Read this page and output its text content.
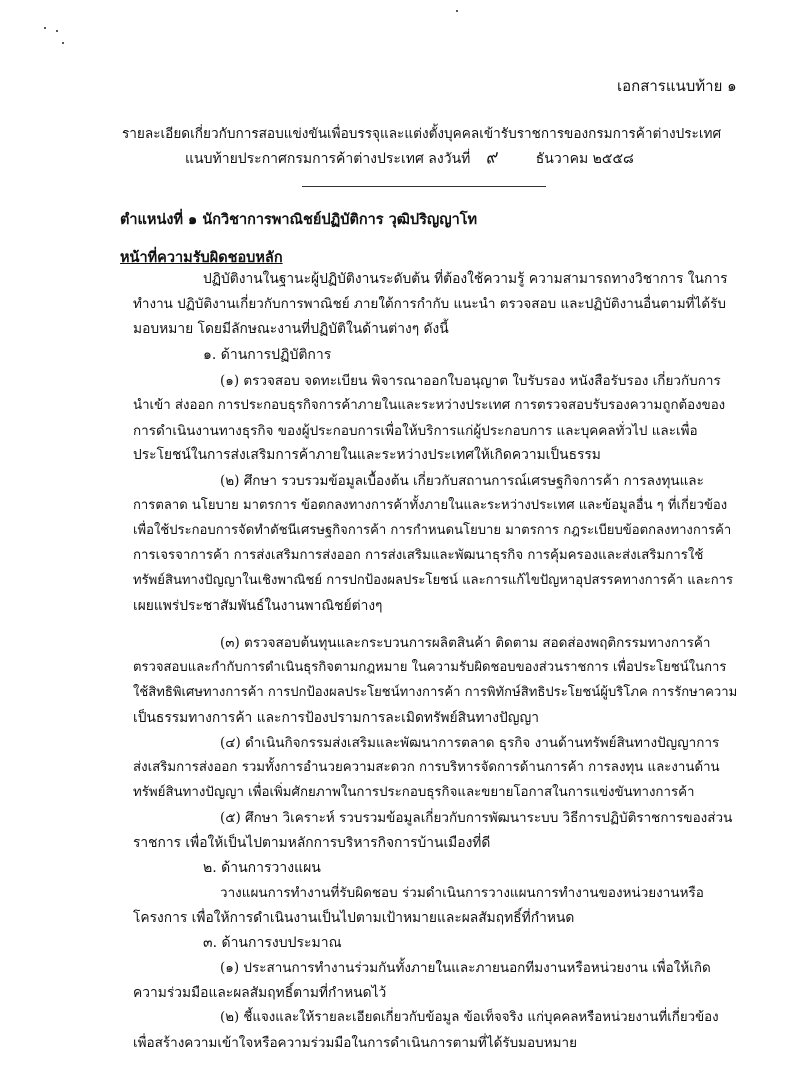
เอกสารแนบท้าย ๑
รายละเอียดเกี่ยวกับการสอบแข่งขันเพื่อบรรจุและแต่งตั้งบุคคลเข้ารับราชการของกรมการค้าต่างประเทศ
แนบท้ายประกาศกรมการค้าต่างประเทศ ลงวันที่ ๙	ธันวาคม ๒๕๕๘
ตำแหน่งที่ ๑ นักวิชาการพาณิชย์ปฏิบัติการ วุฒิปริญญาโท
หน้าที่ความรับผิดชอบหลัก
ปฏิบัติงานในฐานะผู้ปฏิบัติงานระดับต้น ที่ต้องใช้ความรู้ ความสามารถทางวิชาการ ในการ
ทำงาน ปฏิบัติงานเกี่ยวกับการพาณิชย์ ภายใต้การกำกับ แนะนำ ตรวจสอบ และปฏิบัติงานอื่นตามที่ได้รับ
มอบหมาย โดยมีลักษณะงานที่ปฏิบัติในด้านต่างๆ ดังนี้
๑. ด้านการปฏิบัติการ
(๑) ตรวจสอบ จดทะเบียน พิจารณาออกใบอนุญาต ใบรับรอง หนังสือรับรอง เกี่ยวกับการ
นำเข้า ส่งออก การประกอบธุรกิจการค้าภายในและระหว่างประเทศ การตรวจสอบรับรองความถูกต้องของ
การดำเนินงานทางธุรกิจ ของผู้ประกอบการเพื่อให้บริการแก่ผู้ประกอบการ และบุคคลทั่วไป และเพื่อ
ประโยชน์ในการส่งเสริมการค้าภายในและระหว่างประเทศให้เกิดความเป็นธรรม
(๒) ศึกษา รวบรวมข้อมูลเบื้องต้น เกี่ยวกับสถานการณ์เศรษฐกิจการค้า การลงทุนและ
การตลาด นโยบาย มาตรการ ข้อตกลงทางการค้าทั้งภายในและระหว่างประเทศ และข้อมูลอื่น ๆ ที่เกี่ยวข้อง
เพื่อใช้ประกอบการจัดทำดัชนีเศรษฐกิจการค้า การกำหนดนโยบาย มาตรการ กฎระเบียบข้อตกลงทางการค้า
การเจรจาการค้า การส่งเสริมการส่งออก การส่งเสริมและพัฒนาธุรกิจ การคุ้มครองและส่งเสริมการใช้
ทรัพย์สินทางปัญญาในเชิงพาณิชย์ การปกป้องผลประโยชน์ และการแก้ไขปัญหาอุปสรรคทางการค้า และการ
เผยแพร่ประชาสัมพันธ์ในงานพาณิชย์ต่างๆ
(๓) ตรวจสอบต้นทุนและกระบวนการผลิตสินค้า ติดตาม สอดส่องพฤติกรรมทางการค้า
ตรวจสอบและกำกับการดำเนินธุรกิจตามกฎหมาย ในความรับผิดชอบของส่วนราชการ เพื่อประโยชน์ในการ
ใช้สิทธิพิเศษทางการค้า การปกป้องผลประโยชน์ทางการค้า การพิทักษ์สิทธิประโยชน์ผู้บริโภค การรักษาความ
เป็นธรรมทางการค้า และการป้องปรามการละเมิดทรัพย์สินทางปัญญา
(๔) ดำเนินกิจกรรมส่งเสริมและพัฒนาการตลาด ธุรกิจ งานด้านทรัพย์สินทางปัญญาการ
ส่งเสริมการส่งออก รวมทั้งการอำนวยความสะดวก การบริหารจัดการด้านการค้า การลงทุน และงานด้าน
ทรัพย์สินทางปัญญา เพื่อเพิ่มศักยภาพในการประกอบธุรกิจและขยายโอกาสในการแข่งขันทางการค้า
(๕) ศึกษา วิเคราะห์ รวบรวมข้อมูลเกี่ยวกับการพัฒนาระบบ วิธีการปฏิบัติราชการของส่วน
ราชการ เพื่อให้เป็นไปตามหลักการบริหารกิจการบ้านเมืองที่ดี
๒. ด้านการวางแผน
วางแผนการทำงานที่รับผิดชอบ ร่วมดำเนินการวางแผนการทำงานของหน่วยงานหรือ
โครงการ เพื่อให้การดำเนินงานเป็นไปตามเป้าหมายและผลสัมฤทธิ์ที่กำหนด
๓. ด้านการงบประมาณ
(๑) ประสานการทำงานร่วมกันทั้งภายในและภายนอกทีมงานหรือหน่วยงาน เพื่อให้เกิด
ความร่วมมือและผลสัมฤทธิ์ตามที่กำหนดไว้
(๒) ชี้แจงและให้รายละเอียดเกี่ยวกับข้อมูล ข้อเท็จจริง แก่บุคคลหรือหน่วยงานที่เกี่ยวข้อง
เพื่อสร้างความเข้าใจหรือความร่วมมือในการดำเนินการตามที่ได้รับมอบหมาย
